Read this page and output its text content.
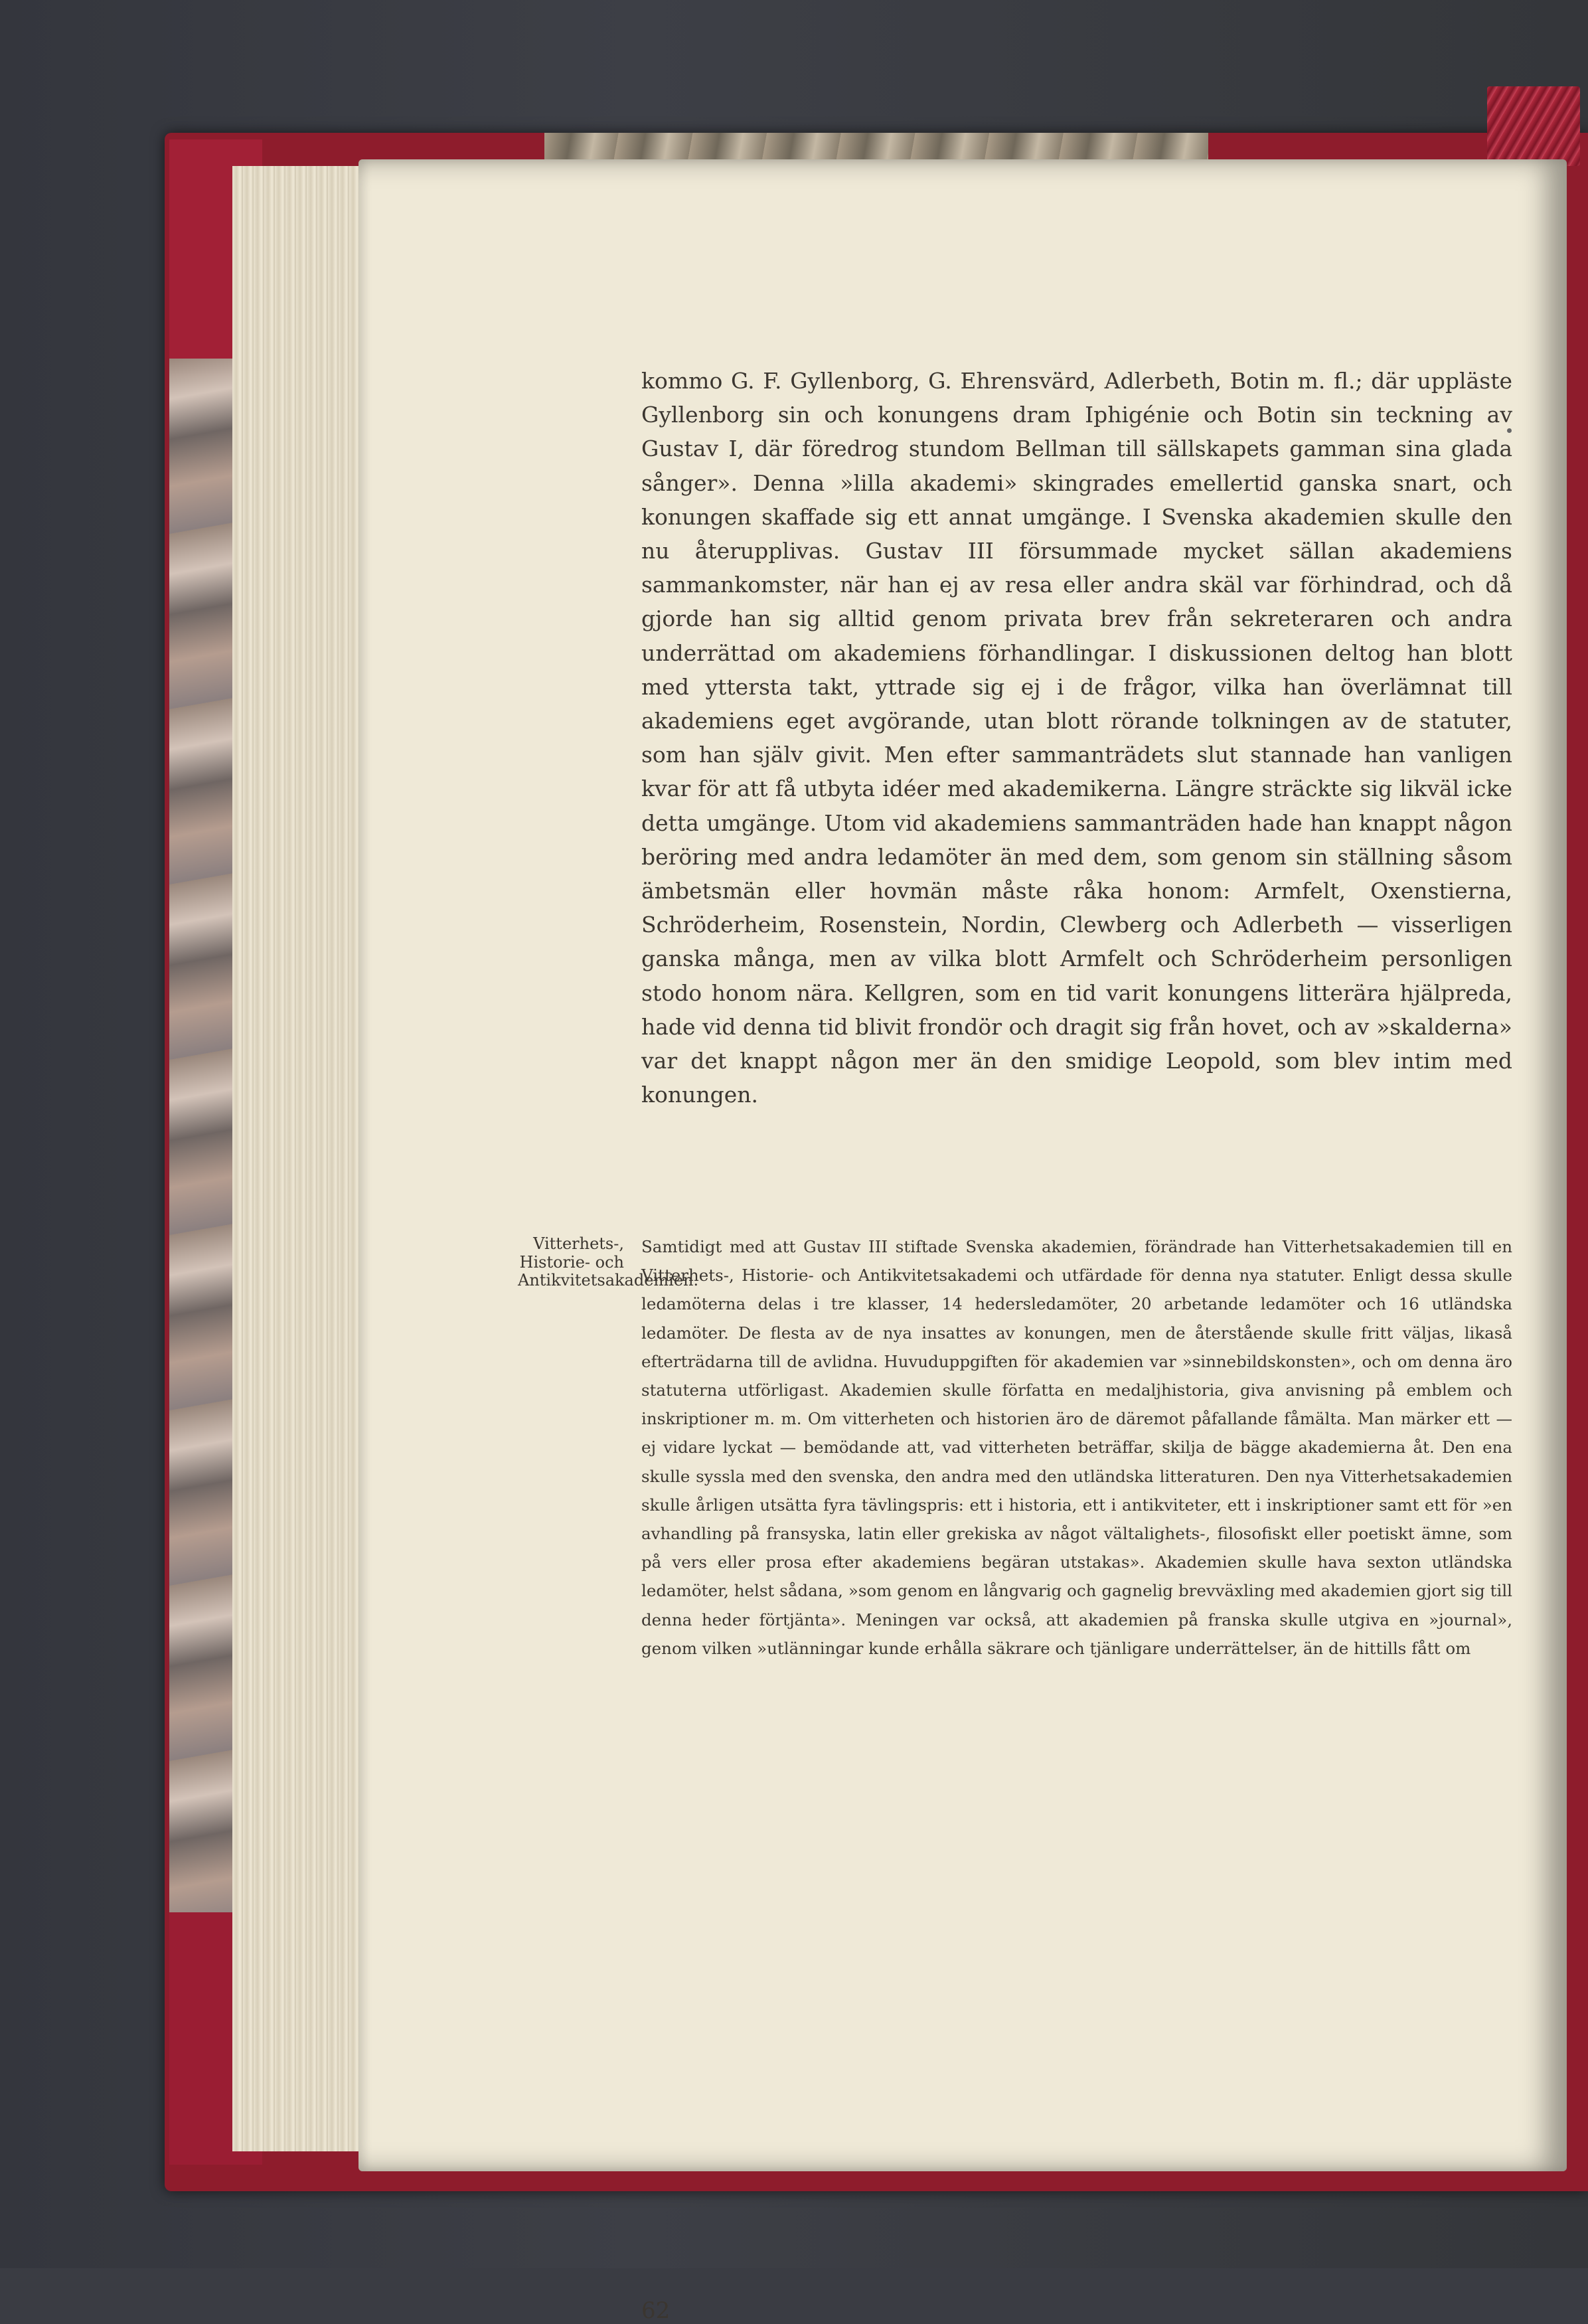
kommo G. F. Gyllenborg, G. Ehrensvärd, Adlerbeth, Botin m. fl.; där uppläste Gyllenborg sin och konungens dram Iphigénie och Botin sin teckning av Gustav I, där föredrog stundom Bellman till sällskapets gamman sina glada sånger». Denna »lilla akademi» skingrades emellertid ganska snart, och konungen skaffade sig ett annat umgänge. I Svenska akademien skulle den nu återupplivas. Gustav III försummade mycket sällan akademiens sammankomster, när han ej av resa eller andra skäl var förhindrad, och då gjorde han sig alltid genom privata brev från sekreteraren och andra underrättad om akademiens förhandlingar. I diskussionen deltog han blott med yttersta takt, yttrade sig ej i de frågor, vilka han överlämnat till akademiens eget avgörande, utan blott rörande tolkningen av de statuter, som han själv givit. Men efter sammanträdets slut stannade han vanligen kvar för att få utbyta idéer med akademikerna. Längre sträckte sig likväl icke detta umgänge. Utom vid akademiens sammanträden hade han knappt någon beröring med andra ledamöter än med dem, som genom sin ställning såsom ämbetsmän eller hovmän måste råka honom: Armfelt, Oxenstierna, Schröderheim, Rosenstein, Nordin, Clewberg och Adlerbeth — visserligen ganska många, men av vilka blott Armfelt och Schröderheim personligen stodo honom nära. Kellgren, som en tid varit konungens litterära hjälpreda, hade vid denna tid blivit frondör och dragit sig från hovet, och av »skalderna» var det knappt någon mer än den smidige Leopold, som blev intim med konungen.

Vitterhets-, Historie- och Antikvitetsakademien.

Samtidigt med att Gustav III stiftade Svenska akademien, förändrade han Vitterhetsakademien till en Vitterhets-, Historie- och Antikvitetsakademi och utfärdade för denna nya statuter. Enligt dessa skulle ledamöterna delas i tre klasser, 14 hedersledamöter, 20 arbetande ledamöter och 16 utländska ledamöter. De flesta av de nya insattes av konungen, men de återstående skulle fritt väljas, likaså efterträdarna till de avlidna. Huvuduppgiften för akademien var »sinnebildskonsten», och om denna äro statuterna utförligast. Akademien skulle författa en medaljhistoria, giva anvisning på emblem och inskriptioner m. m. Om vitterheten och historien äro de däremot påfallande fåmälta. Man märker ett — ej vidare lyckat — bemödande att, vad vitterheten beträffar, skilja de bägge akademierna åt. Den ena skulle syssla med den svenska, den andra med den utländska litteraturen. Den nya Vitterhetsakademien skulle årligen utsätta fyra tävlingspris: ett i historia, ett i antikviteter, ett i inskriptioner samt ett för »en avhandling på fransyska, latin eller grekiska av något vältalighets-, filosofiskt eller poetiskt ämne, som på vers eller prosa efter akademiens begäran utstakas». Akademien skulle hava sexton utländska ledamöter, helst sådana, »som genom en långvarig och gagnelig brevväxling med akademien gjort sig till denna heder förtjänta». Meningen var också, att akademien på franska skulle utgiva en »journal», genom vilken »utlänningar kunde erhålla säkrare och tjänligare underrättelser, än de hittills fått om

62
